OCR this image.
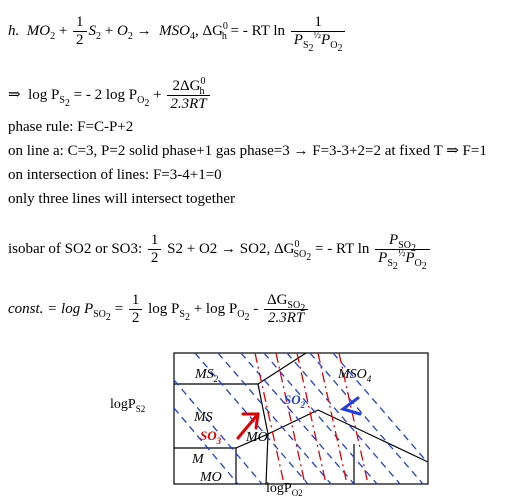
h. $MO_2 + \frac{1}{2} S_2 + O_2 \to MSO_4$, $\Delta G^0_h$ = - RT $\ln \frac{1}{P_{S_2}^{\frac{1}{2}}P_{O_2}}$
⇒ $\log P_{S_2}$ = - 2 $\log P_{O_2} + \frac{2\Delta G^0_h}{2.3RT}$
phase rule: F=C-P+2
on line a: C=3, P=2 solid phase+1 gas phase=3 → F=3-3+2=2 at fixed T ⇒ F=1
on intersection of lines: F=3-4+1=0
only three lines will intersect together
isobar of SO2 or SO3: $\frac{1}{2} S2 + O2 \to SO2$, $\Delta G^0_{SO_2}$ = - RT $\ln \frac{P_{SO_2}}{P_{S_2}^{\frac{1}{2}}P_{O_2}}$
const. = $\log P_{SO_2} = \frac{1}{2}$ $\log P_{S_2} + \log P_{O_2} - \frac{\Delta G_{SO_2}}{2.3RT}$
logP$_{S2}$
logP$_{O2}$
$MS_2$	$MSO_4$
MS
MO
M
MO
$SO_2$
$SO_3$
